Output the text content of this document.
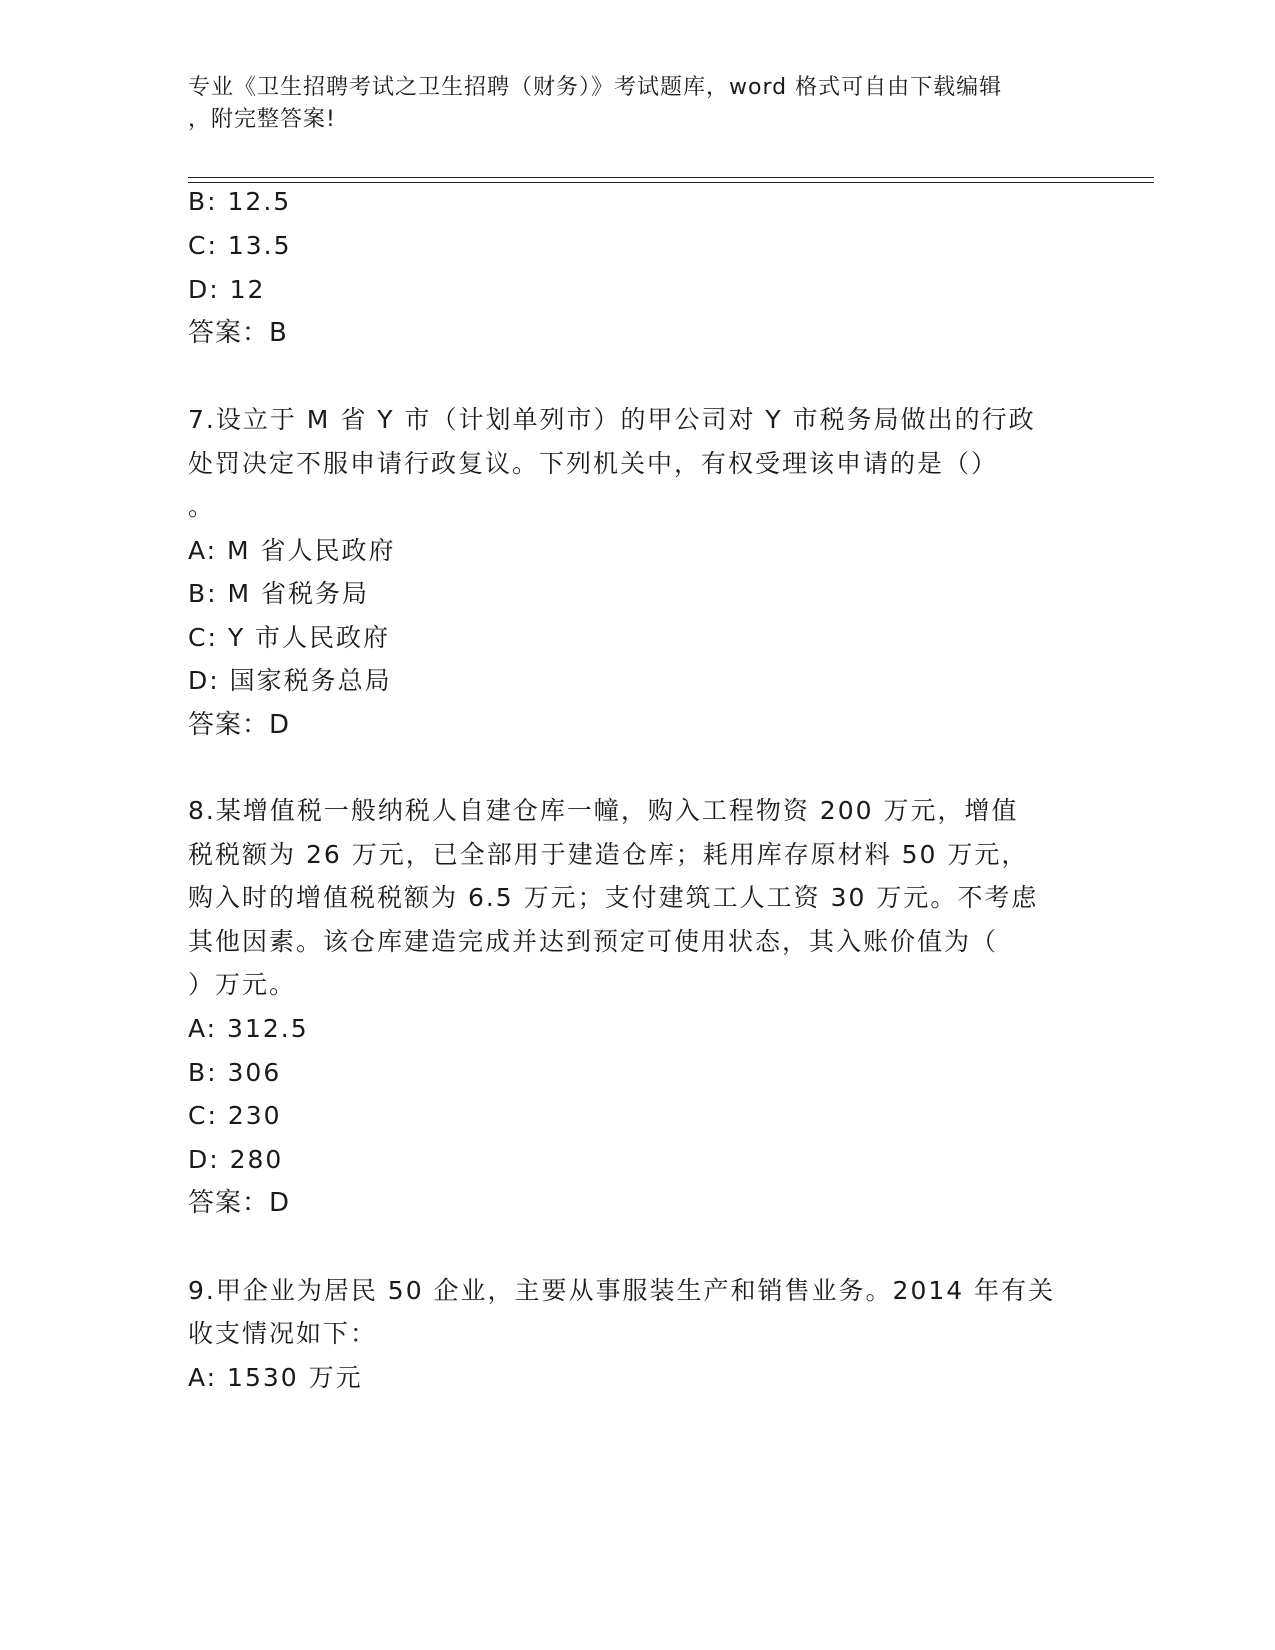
专业《卫生招聘考试之卫生招聘（财务）》考试题库，word 格式可自由下载编辑
，附完整答案!
B: 12.5
C: 13.5
D: 12
答案：B
7.设立于 M 省 Y 市（计划单列市）的甲公司对 Y 市税务局做出的行政
处罚决定不服申请行政复议。下列机关中，有权受理该申请的是（）
。
A: M 省人民政府
B: M 省税务局
C: Y 市人民政府
D: 国家税务总局
答案：D
8.某增值税一般纳税人自建仓库一幢，购入工程物资 200 万元，增值
税税额为 26 万元，已全部用于建造仓库；耗用库存原材料 50 万元，
购入时的增值税税额为 6.5 万元；支付建筑工人工资 30 万元。不考虑
其他因素。该仓库建造完成并达到预定可使用状态，其入账价值为（
）万元。
A: 312.5
B: 306
C: 230
D: 280
答案：D
9.甲企业为居民 50 企业，主要从事服装生产和销售业务。2014 年有关
收支情况如下：
A: 1530 万元
